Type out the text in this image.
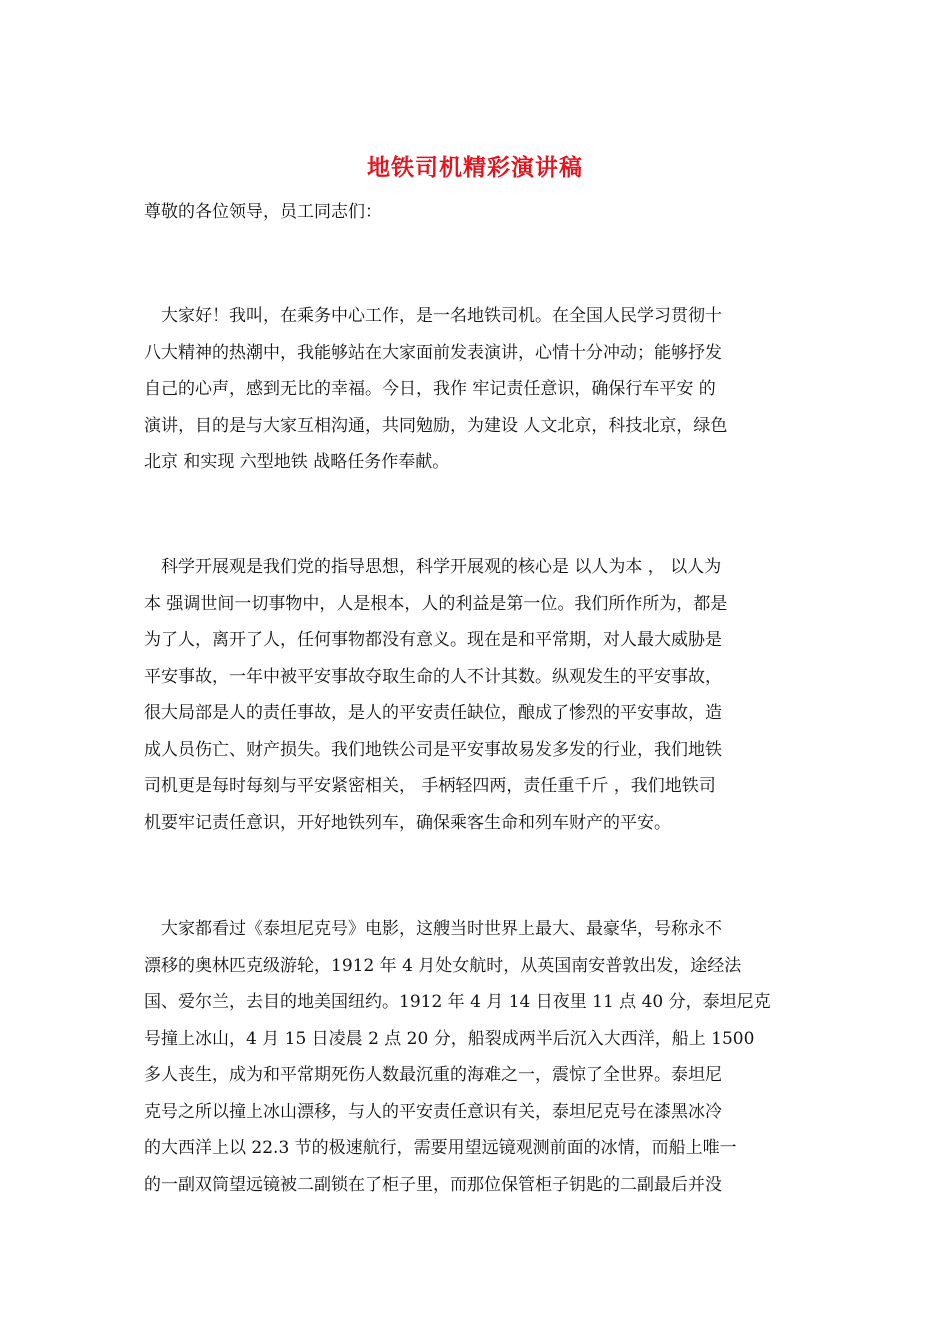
地铁司机精彩演讲稿
尊敬的各位领导，员工同志们：
　大家好！我叫，在乘务中心工作，是一名地铁司机。在全国人民学习贯彻十
八大精神的热潮中，我能够站在大家面前发表演讲，心情十分冲动；能够抒发
自己的心声，感到无比的幸福。今日，我作 牢记责任意识，确保行车平安 的
演讲，目的是与大家互相沟通，共同勉励，为建设 人文北京，科技北京，绿色
北京 和实现 六型地铁 战略任务作奉献。
　科学开展观是我们党的指导思想，科学开展观的核心是 以人为本 ， 以人为
本 强调世间一切事物中，人是根本，人的利益是第一位。我们所作所为，都是
为了人，离开了人，任何事物都没有意义。现在是和平常期，对人最大威胁是
平安事故，一年中被平安事故夺取生命的人不计其数。纵观发生的平安事故，
很大局部是人的责任事故，是人的平安责任缺位，酿成了惨烈的平安事故，造
成人员伤亡、财产损失。我们地铁公司是平安事故易发多发的行业，我们地铁
司机更是每时每刻与平安紧密相关， 手柄轻四两，责任重千斤 ，我们地铁司
机要牢记责任意识，开好地铁列车，确保乘客生命和列车财产的平安。
　大家都看过《泰坦尼克号》电影，这艘当时世界上最大、最豪华，号称永不
漂移的奥林匹克级游轮，1912 年 4 月处女航时，从英国南安普敦出发，途经法
国、爱尔兰，去目的地美国纽约。1912 年 4 月 14 日夜里 11 点 40 分，泰坦尼克
号撞上冰山，4 月 15 日凌晨 2 点 20 分，船裂成两半后沉入大西洋，船上 1500
多人丧生，成为和平常期死伤人数最沉重的海难之一，震惊了全世界。泰坦尼
克号之所以撞上冰山漂移，与人的平安责任意识有关，泰坦尼克号在漆黑冰冷
的大西洋上以 22.3 节的极速航行，需要用望远镜观测前面的冰情，而船上唯一
的一副双筒望远镜被二副锁在了柜子里，而那位保管柜子钥匙的二副最后并没
